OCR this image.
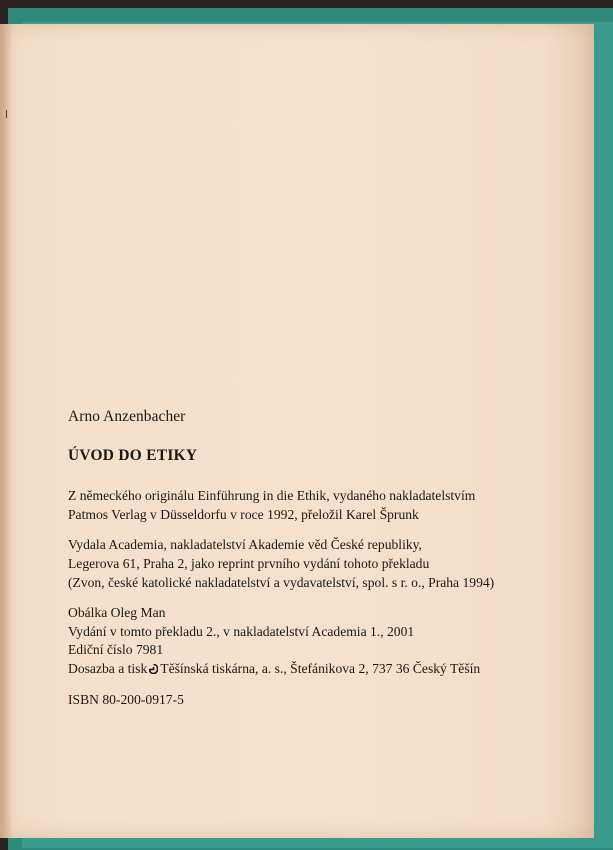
Arno Anzenbacher

ÚVOD DO ETIKY

Z německého originálu Einführung in die Ethik, vydaného nakladatelstvím
Patmos Verlag v Düsseldorfu v roce 1992, přeložil Karel Šprunk

Vydala Academia, nakladatelství Akademie věd České republiky,
Legerova 61, Praha 2, jako reprint prvního vydání tohoto překladu
(Zvon, české katolické nakladatelství a vydavatelství, spol. s r. o., Praha 1994)

Obálka Oleg Man
Vydání v tomto překladu 2., v nakladatelství Academia 1., 2001
Ediční číslo 7981
Dosazba a tisk Těšínská tiskárna, a. s., Štefánikova 2, 737 36 Český Těšín

ISBN 80-200-0917-5
